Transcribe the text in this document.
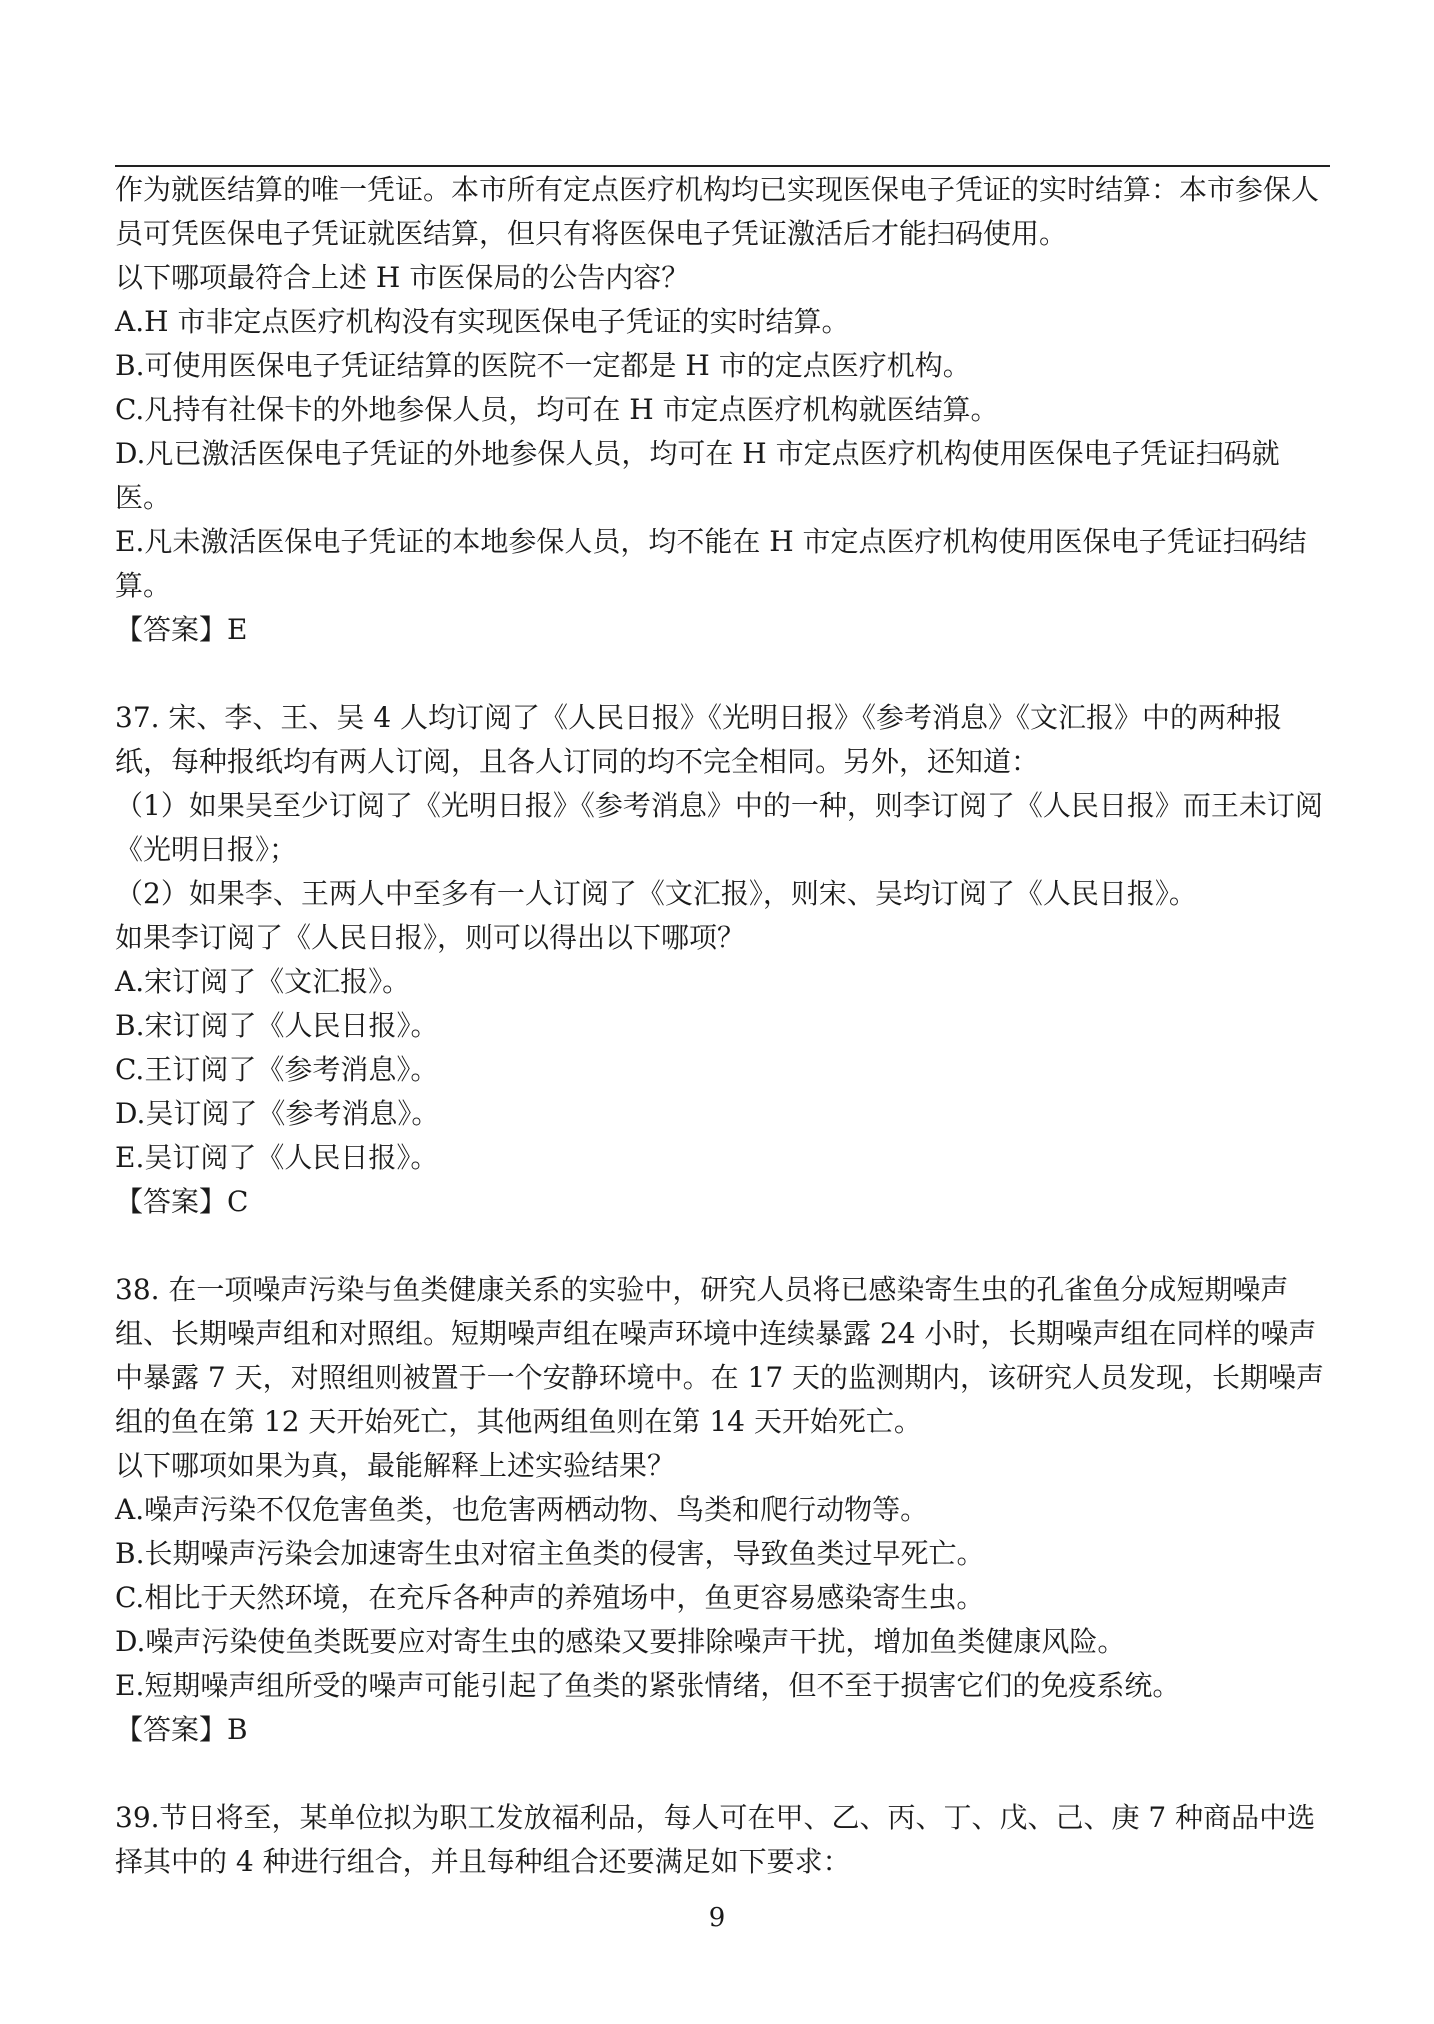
作为就医结算的唯一凭证。本市所有定点医疗机构均已实现医保电子凭证的实时结算：本市参保人员可凭医保电子凭证就医结算，但只有将医保电子凭证激活后才能扫码使用。

以下哪项最符合上述 H 市医保局的公告内容？

A.H 市非定点医疗机构没有实现医保电子凭证的实时结算。

B.可使用医保电子凭证结算的医院不一定都是 H 市的定点医疗机构。

C.凡持有社保卡的外地参保人员，均可在 H 市定点医疗机构就医结算。

D.凡已激活医保电子凭证的外地参保人员，均可在 H 市定点医疗机构使用医保电子凭证扫码就医。

E.凡未激活医保电子凭证的本地参保人员，均不能在 H 市定点医疗机构使用医保电子凭证扫码结算。

【答案】E

37. 宋、李、王、吴 4 人均订阅了《人民日报》《光明日报》《参考消息》《文汇报》中的两种报纸，每种报纸均有两人订阅，且各人订同的均不完全相同。另外，还知道：

（1）如果吴至少订阅了《光明日报》《参考消息》中的一种，则李订阅了《人民日报》而王未订阅《光明日报》；

（2）如果李、王两人中至多有一人订阅了《文汇报》，则宋、吴均订阅了《人民日报》。

如果李订阅了《人民日报》，则可以得出以下哪项？

A.宋订阅了《文汇报》。

B.宋订阅了《人民日报》。

C.王订阅了《参考消息》。

D.吴订阅了《参考消息》。

E.吴订阅了《人民日报》。

【答案】C

38. 在一项噪声污染与鱼类健康关系的实验中，研究人员将已感染寄生虫的孔雀鱼分成短期噪声组、长期噪声组和对照组。短期噪声组在噪声环境中连续暴露 24 小时，长期噪声组在同样的噪声中暴露 7 天，对照组则被置于一个安静环境中。在 17 天的监测期内，该研究人员发现，长期噪声组的鱼在第 12 天开始死亡，其他两组鱼则在第 14 天开始死亡。

以下哪项如果为真，最能解释上述实验结果？

A.噪声污染不仅危害鱼类，也危害两栖动物、鸟类和爬行动物等。

B.长期噪声污染会加速寄生虫对宿主鱼类的侵害，导致鱼类过早死亡。

C.相比于天然环境，在充斥各种声的养殖场中，鱼更容易感染寄生虫。

D.噪声污染使鱼类既要应对寄生虫的感染又要排除噪声干扰，增加鱼类健康风险。

E.短期噪声组所受的噪声可能引起了鱼类的紧张情绪，但不至于损害它们的免疫系统。

【答案】B

39.节日将至，某单位拟为职工发放福利品，每人可在甲、乙、丙、丁、戊、己、庚 7 种商品中选择其中的 4 种进行组合，并且每种组合还要满足如下要求：

9
